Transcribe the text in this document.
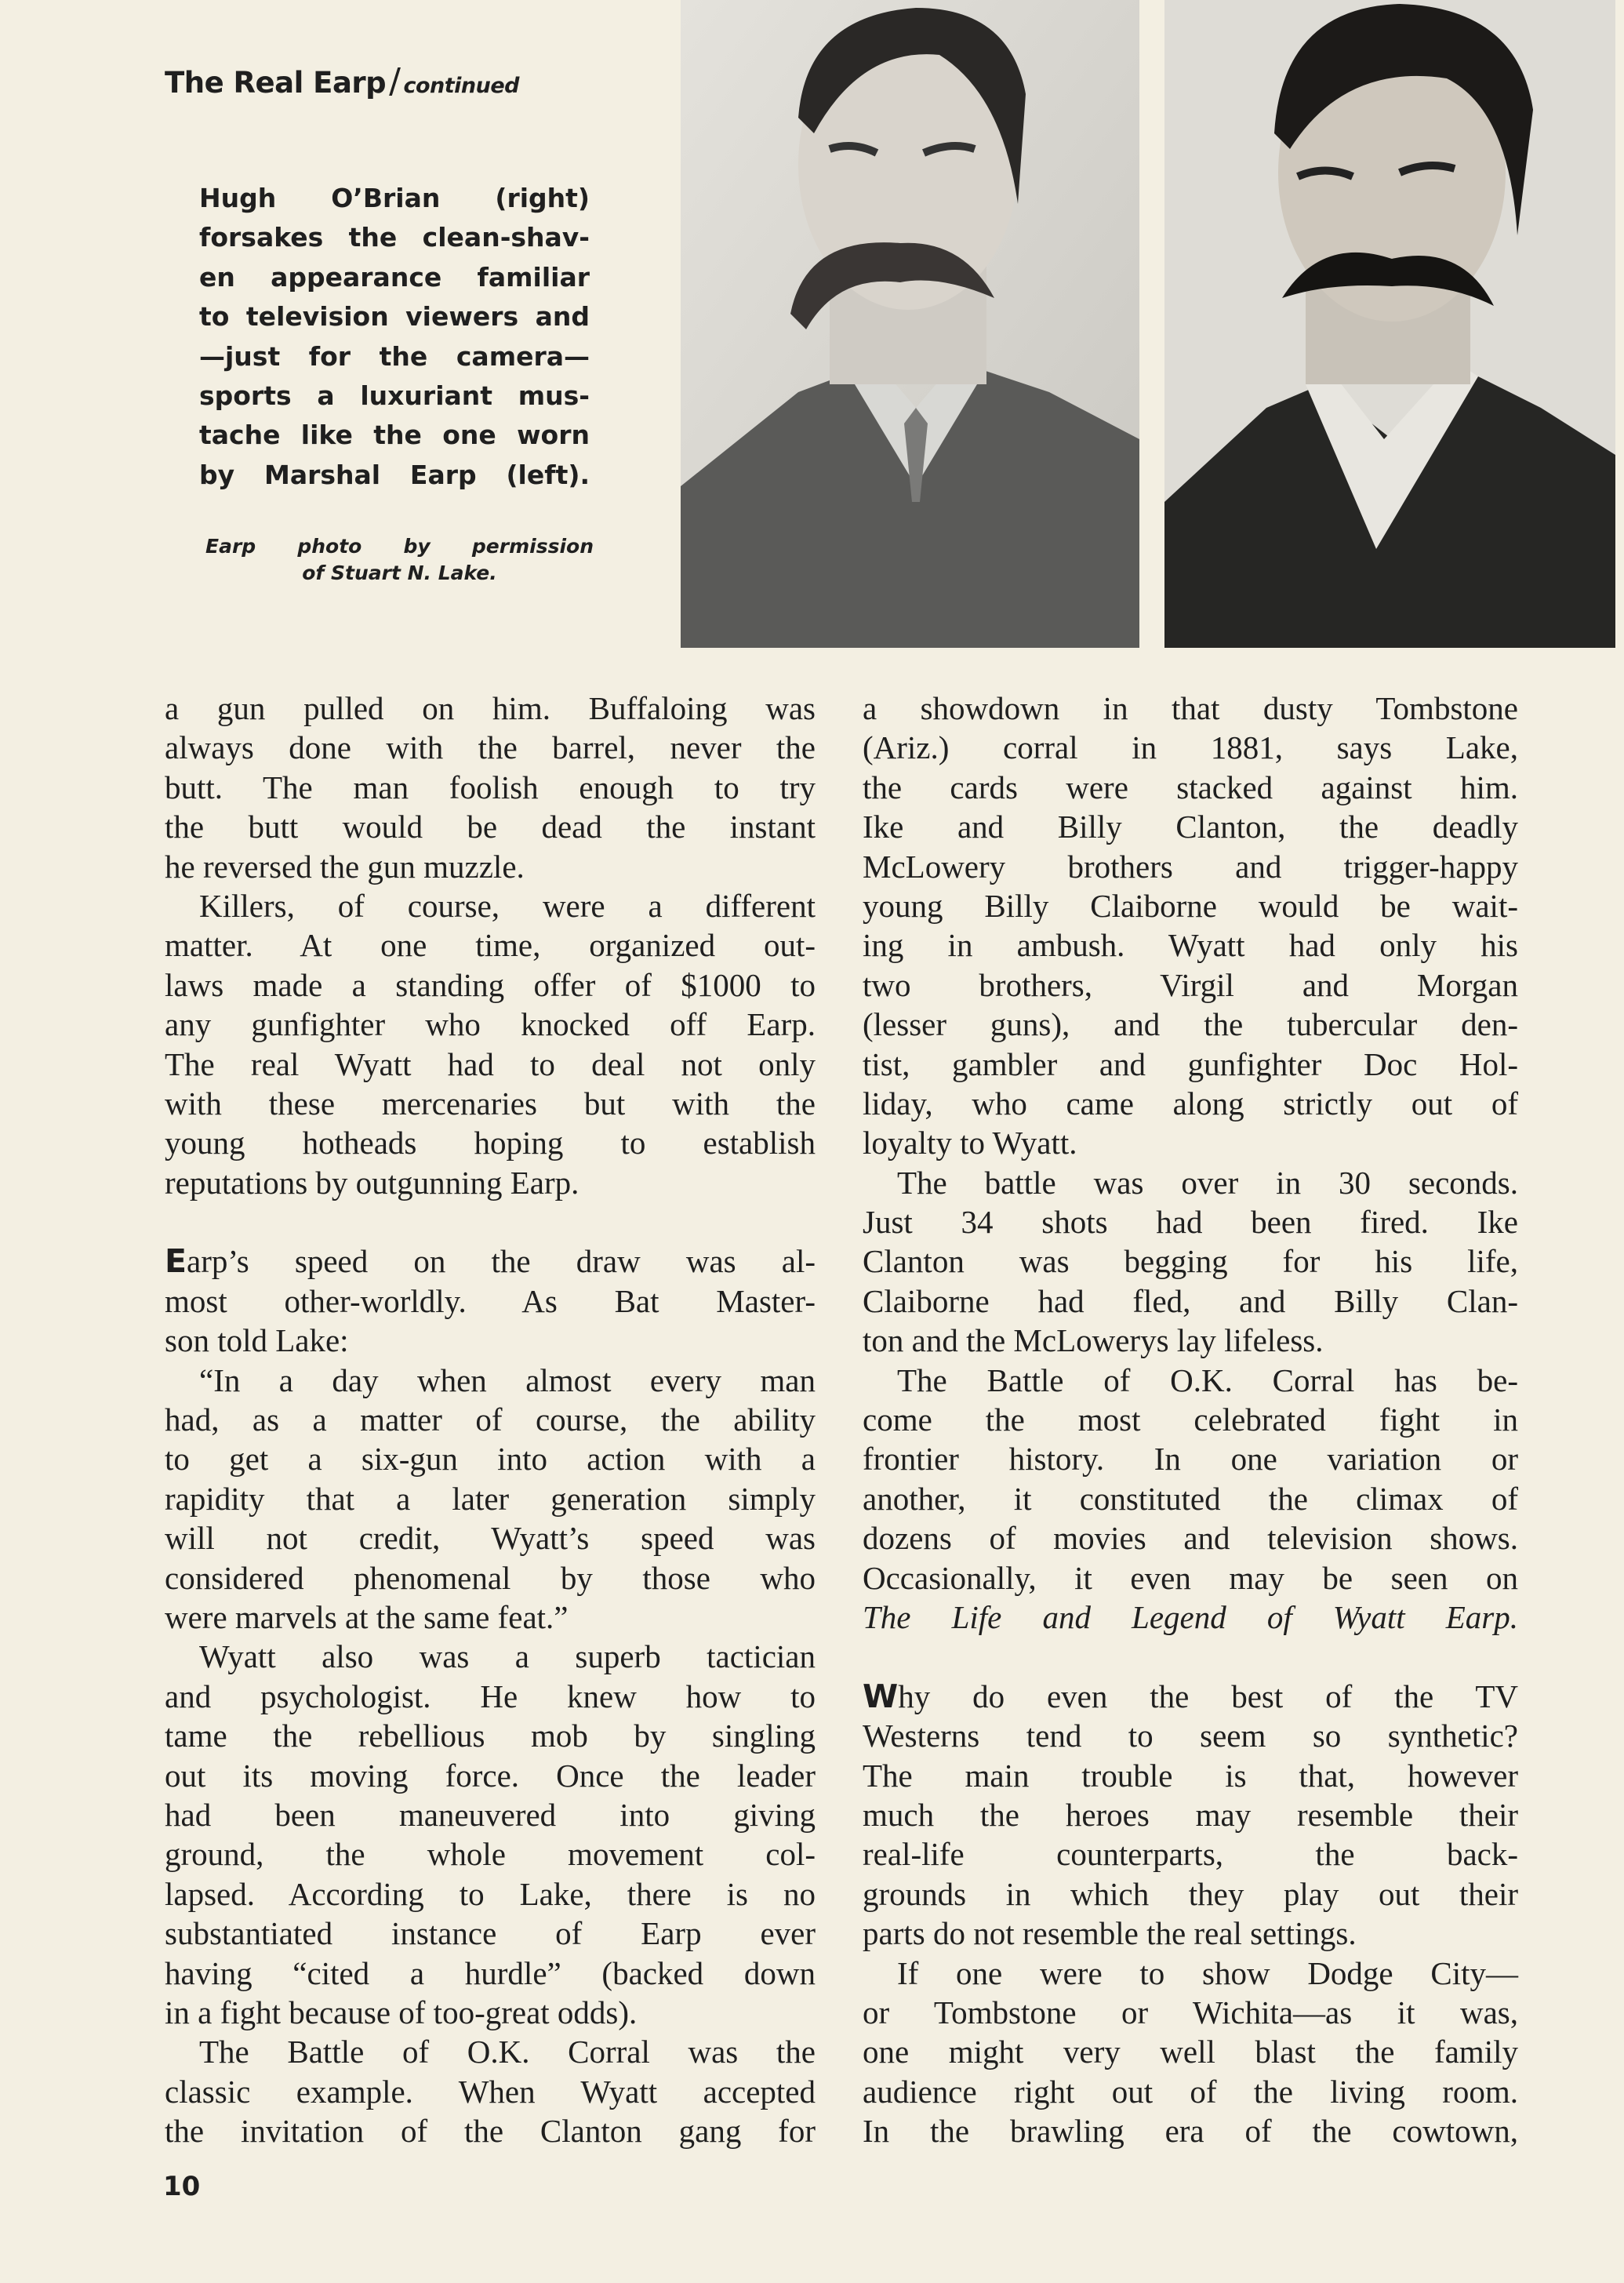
The Real Earp/ continued
Hugh O’Brian (right)
forsakes the clean-shav-
en appearance familiar
to television viewers and
—just for the camera—
sports a luxuriant mus-
tache like the one worn
by Marshal Earp (left).
Earp photo by permission
of Stuart N. Lake.
a gun pulled on him. Buffaloing was
always done with the barrel, never the
butt. The man foolish enough to try
the butt would be dead the instant
he reversed the gun muzzle.
Killers, of course, were a different
matter. At one time, organized out-
laws made a standing offer of $1000 to
any gunfighter who knocked off Earp.
The real Wyatt had to deal not only
with these mercenaries but with the
young hotheads hoping to establish
reputations by outgunning Earp.

Earp’s speed on the draw was al-
most other-worldly. As Bat Master-
son told Lake:
“In a day when almost every man
had, as a matter of course, the ability
to get a six-gun into action with a
rapidity that a later generation simply
will not credit, Wyatt’s speed was
considered phenomenal by those who
were marvels at the same feat.”
Wyatt also was a superb tactician
and psychologist. He knew how to
tame the rebellious mob by singling
out its moving force. Once the leader
had been maneuvered into giving
ground, the whole movement col-
lapsed. According to Lake, there is no
substantiated instance of Earp ever
having “cited a hurdle” (backed down
in a fight because of too-great odds).
The Battle of O.K. Corral was the
classic example. When Wyatt accepted
the invitation of the Clanton gang for
a showdown in that dusty Tombstone
(Ariz.) corral in 1881, says Lake,
the cards were stacked against him.
Ike and Billy Clanton, the deadly
McLowery brothers and trigger-happy
young Billy Claiborne would be wait-
ing in ambush. Wyatt had only his
two brothers, Virgil and Morgan
(lesser guns), and the tubercular den-
tist, gambler and gunfighter Doc Hol-
liday, who came along strictly out of
loyalty to Wyatt.
The battle was over in 30 seconds.
Just 34 shots had been fired. Ike
Clanton was begging for his life,
Claiborne had fled, and Billy Clan-
ton and the McLowerys lay lifeless.
The Battle of O.K. Corral has be-
come the most celebrated fight in
frontier history. In one variation or
another, it constituted the climax of
dozens of movies and television shows.
Occasionally, it even may be seen on
The Life and Legend of Wyatt Earp.

Why do even the best of the TV
Westerns tend to seem so synthetic?
The main trouble is that, however
much the heroes may resemble their
real-life counterparts, the back-
grounds in which they play out their
parts do not resemble the real settings.
If one were to show Dodge City—
or Tombstone or Wichita—as it was,
one might very well blast the family
audience right out of the living room.
In the brawling era of the cowtown,
10
